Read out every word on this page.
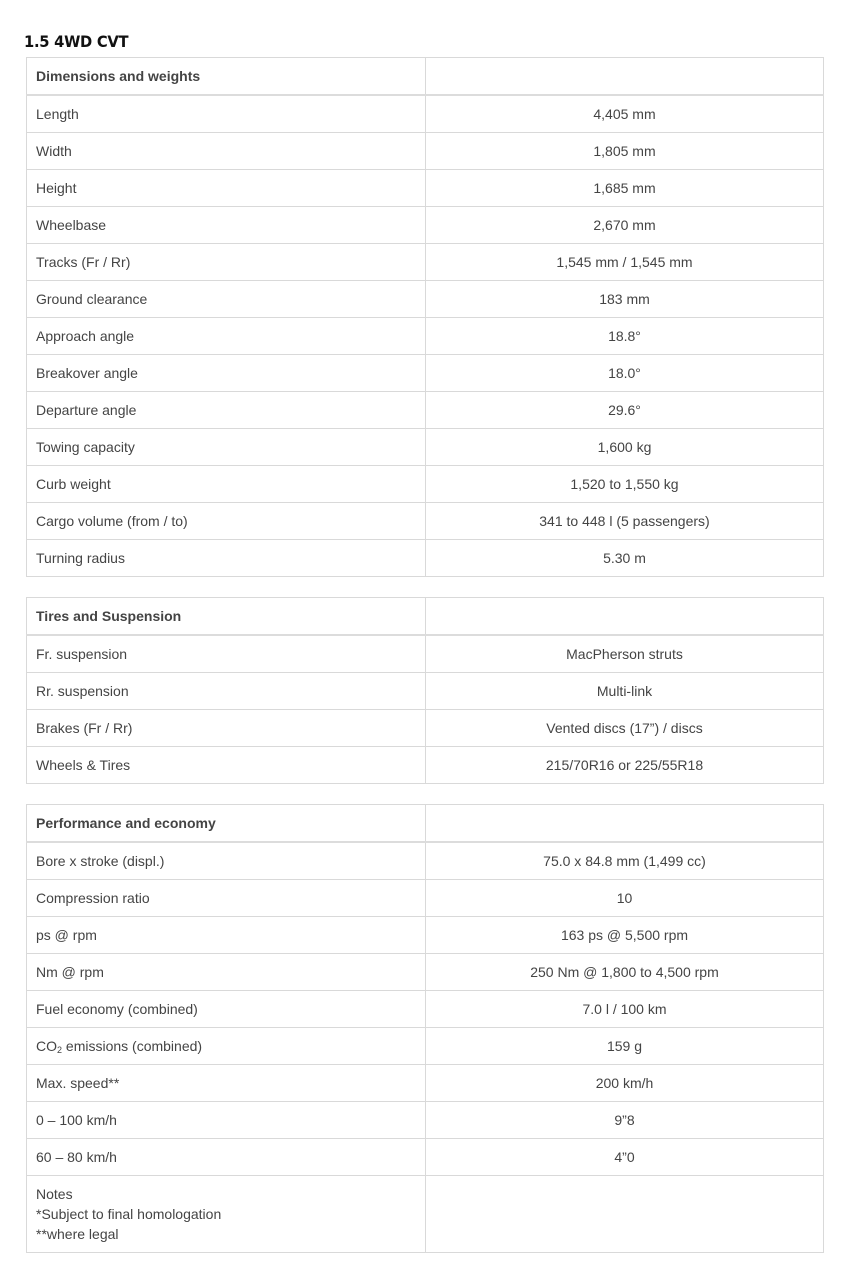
1.5 4WD CVT
Dimensions and weights	
Length	4,405 mm
Width	1,805 mm
Height	1,685 mm
Wheelbase	2,670 mm
Tracks (Fr / Rr)	1,545 mm / 1,545 mm
Ground clearance	183 mm
Approach angle	18.8°
Breakover angle	18.0°
Departure angle	29.6°
Towing capacity	1,600 kg
Curb weight	1,520 to 1,550 kg
Cargo volume (from / to)	341 to 448 l (5 passengers)
Turning radius	5.30 m
Tires and Suspension	
Fr. suspension	MacPherson struts
Rr. suspension	Multi-link
Brakes (Fr / Rr)	Vented discs (17”) / discs
Wheels & Tires	215/70R16 or 225/55R18
Performance and economy	
Bore x stroke (displ.)	75.0 x 84.8 mm (1,499 cc)
Compression ratio	10
ps @ rpm	163 ps @ 5,500 rpm
Nm @ rpm	250 Nm @ 1,800 to 4,500 rpm
Fuel economy (combined)	7.0 l / 100 km
$CO_2$ emissions (combined)	159 g
Max. speed**	200 km/h
0 – 100 km/h	9”8
60 – 80 km/h	4”0

Notes
*Subject to final homologation
**where legal	
